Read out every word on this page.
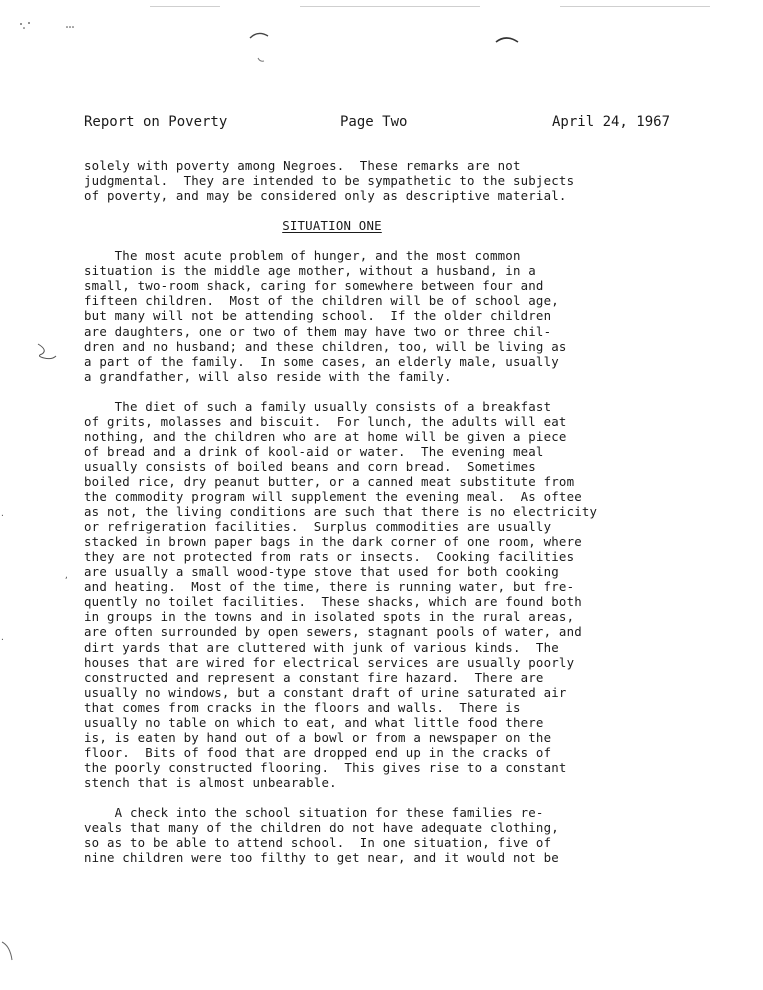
·
,
·
Report on Poverty	Page Two	April 24, 1967

solely with poverty among Negroes.  These remarks are not
judgmental.  They are intended to be sympathetic to the subjects
of poverty, and may be considered only as descriptive material.

SITUATION ONE

The most acute problem of hunger, and the most common
situation is the middle age mother, without a husband, in a
small, two-room shack, caring for somewhere between four and
fifteen children.  Most of the children will be of school age,
but many will not be attending school.  If the older children
are daughters, one or two of them may have two or three chil-
dren and no husband; and these children, too, will be living as
a part of the family.  In some cases, an elderly male, usually
a grandfather, will also reside with the family.

The diet of such a family usually consists of a breakfast
of grits, molasses and biscuit.  For lunch, the adults will eat
nothing, and the children who are at home will be given a piece
of bread and a drink of kool-aid or water.  The evening meal
usually consists of boiled beans and corn bread.  Sometimes
boiled rice, dry peanut butter, or a canned meat substitute from
the commodity program will supplement the evening meal.  As oftee
as not, the living conditions are such that there is no electricity
or refrigeration facilities.  Surplus commodities are usually
stacked in brown paper bags in the dark corner of one room, where
they are not protected from rats or insects.  Cooking facilities
are usually a small wood-type stove that used for both cooking
and heating.  Most of the time, there is running water, but fre-
quently no toilet facilities.  These shacks, which are found both
in groups in the towns and in isolated spots in the rural areas,
are often surrounded by open sewers, stagnant pools of water, and
dirt yards that are cluttered with junk of various kinds.  The
houses that are wired for electrical services are usually poorly
constructed and represent a constant fire hazard.  There are
usually no windows, but a constant draft of urine saturated air
that comes from cracks in the floors and walls.  There is
usually no table on which to eat, and what little food there
is, is eaten by hand out of a bowl or from a newspaper on the
floor.  Bits of food that are dropped end up in the cracks of
the poorly constructed flooring.  This gives rise to a constant
stench that is almost unbearable.

A check into the school situation for these families re-
veals that many of the children do not have adequate clothing,
so as to be able to attend school.  In one situation, five of
nine children were too filthy to get near, and it would not be
